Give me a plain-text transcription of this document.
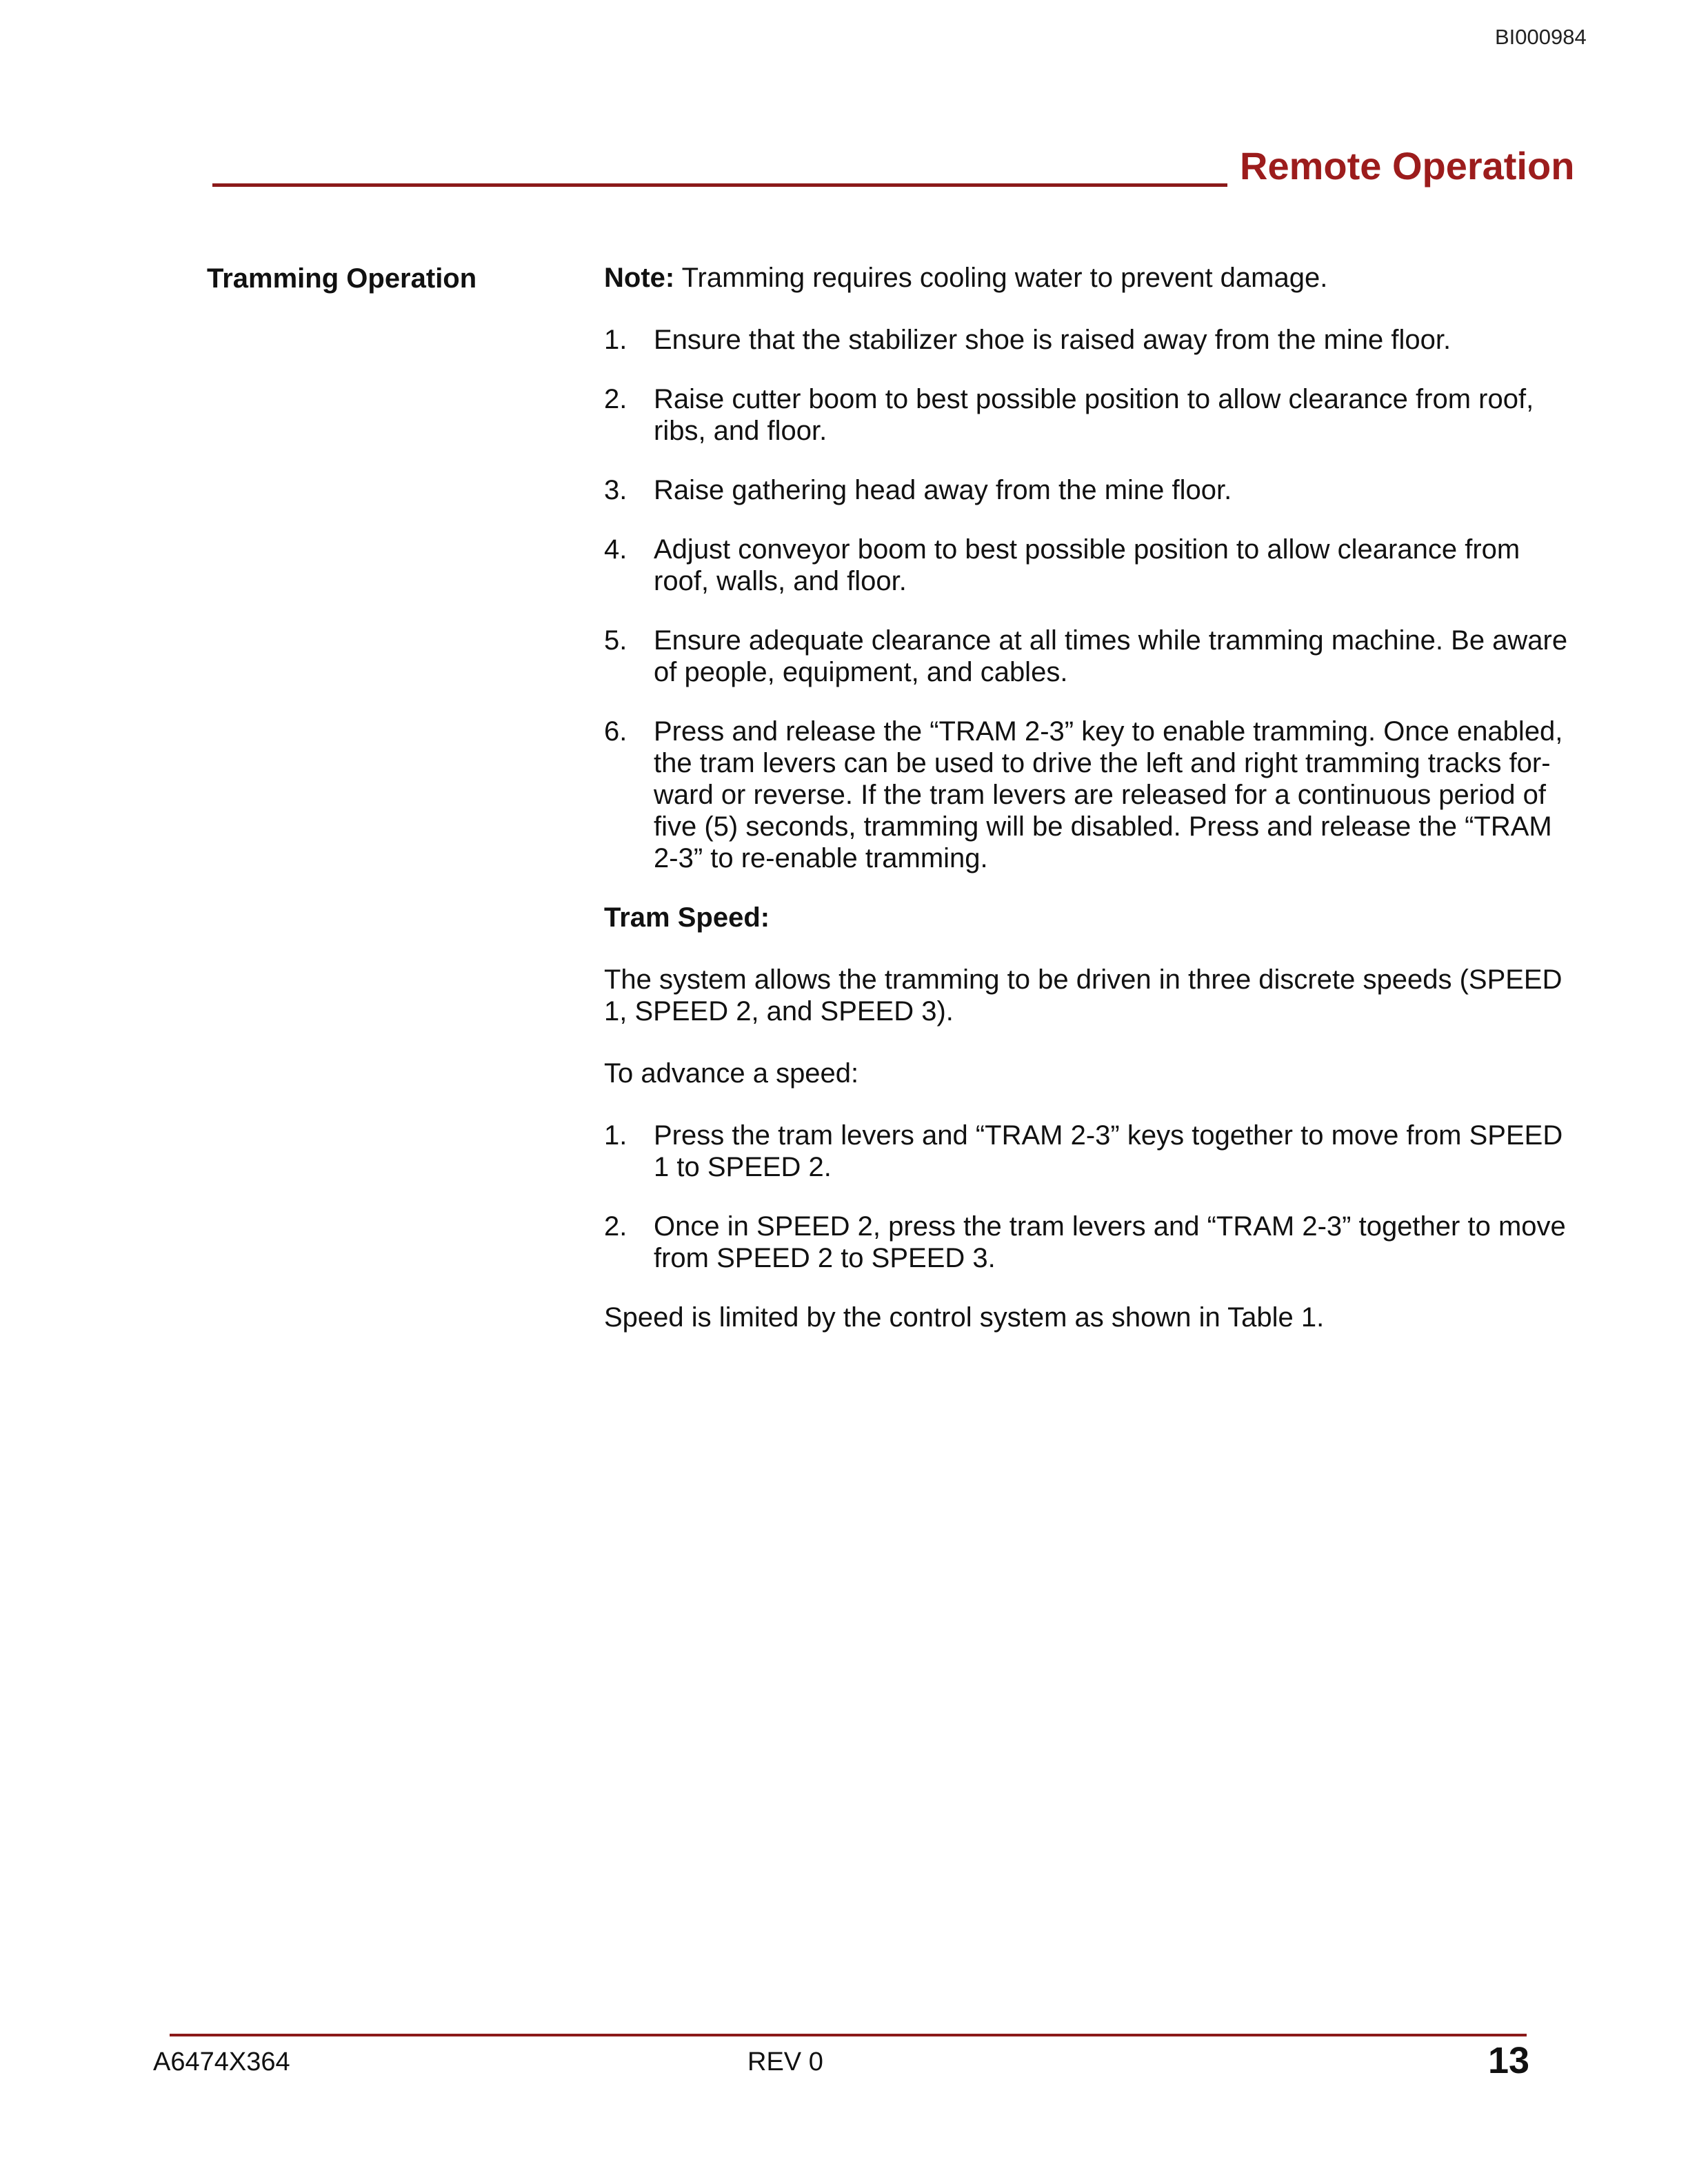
BI000984
Remote Operation
Tramming Operation	Note: Tramming requires cooling water to prevent damage.

1. Ensure that the stabilizer shoe is raised away from the mine floor.
2. Raise cutter boom to best possible position to allow clearance from roof, ribs, and floor.
3. Raise gathering head away from the mine floor.
4. Adjust conveyor boom to best possible position to allow clearance from roof, walls, and floor.
5. Ensure adequate clearance at all times while tramming machine. Be aware of people, equipment, and cables.
6. Press and release the “TRAM 2-3” key to enable tramming. Once enabled, the tram levers can be used to drive the left and right tramming tracks for- ward or reverse. If the tram levers are released for a continuous period of five (5) seconds, tramming will be disabled. Press and release the “TRAM 2-3” to re-enable tramming.

Tram Speed:

The system allows the tramming to be driven in three discrete speeds (SPEED 1, SPEED 2, and SPEED 3).

To advance a speed:

1. Press the tram levers and “TRAM 2-3” keys together to move from SPEED 1 to SPEED 2.
2. Once in SPEED 2, press the tram levers and “TRAM 2-3” together to move from SPEED 2 to SPEED 3.

Speed is limited by the control system as shown in Table 1.

A6474X364	REV 0	13
